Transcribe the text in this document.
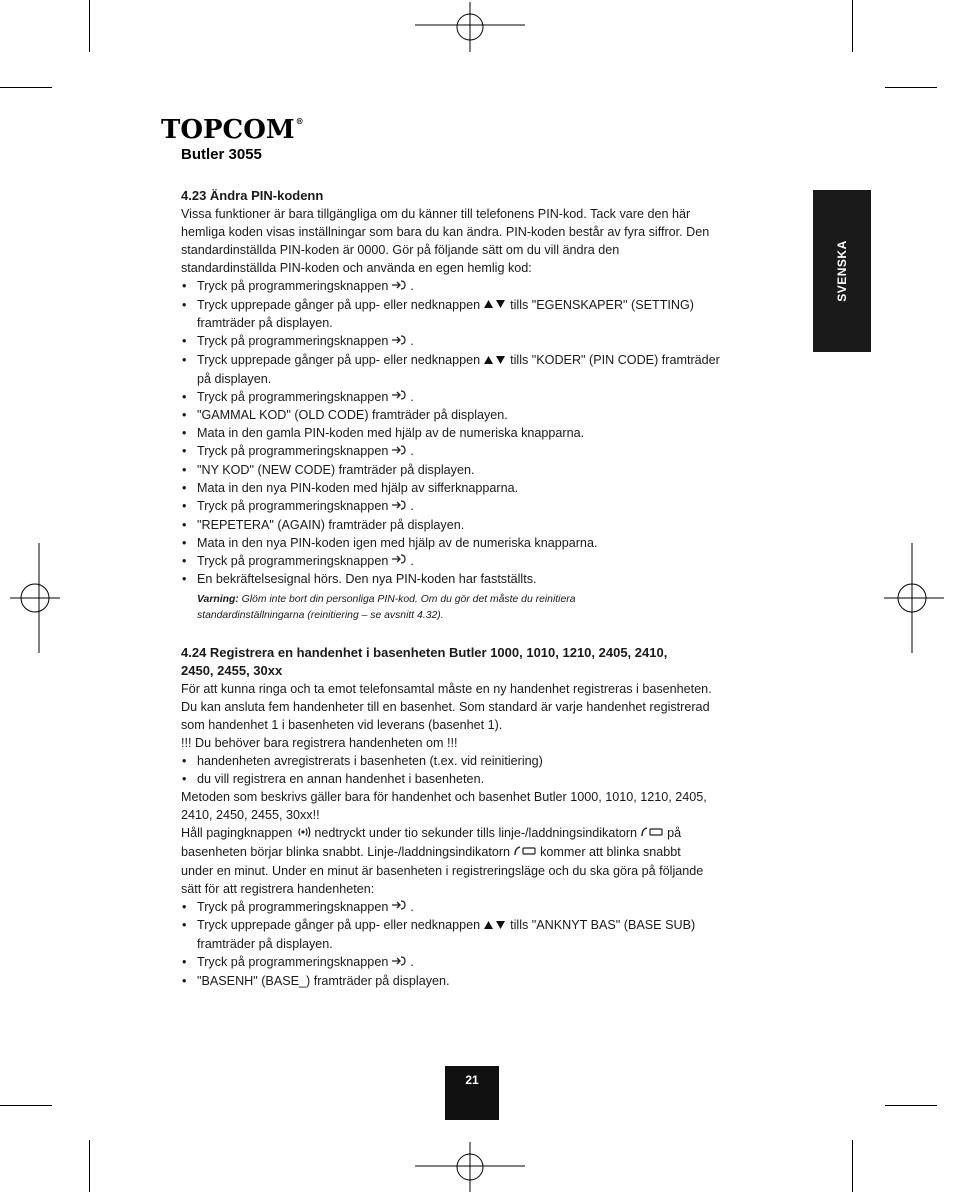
TOPCOM®
Butler 3055
SVENSKA
4.23 Ändra PIN-kodenn

Vissa funktioner är bara tillgängliga om du känner till telefonens PIN-kod. Tack vare den här

hemliga koden visas inställningar som bara du kan ändra. PIN-koden består av fyra siffror. Den

standardinställda PIN-koden är 0000. Gör på följande sätt om du vill ändra den

standardinställda PIN-koden och använda en egen hemlig kod:

• Tryck på programmeringsknappen .
• Tryck upprepade gånger på upp- eller nedknappen tills "EGENSKAPER" (SETTING)
framträder på displayen.
• Tryck på programmeringsknappen .
• Tryck upprepade gånger på upp- eller nedknappen tills "KODER" (PIN CODE) framträder
på displayen.
• Tryck på programmeringsknappen .
• "GAMMAL KOD" (OLD CODE) framträder på displayen.
• Mata in den gamla PIN-koden med hjälp av de numeriska knapparna.
• Tryck på programmeringsknappen .
• "NY KOD" (NEW CODE) framträder på displayen.
• Mata in den nya PIN-koden med hjälp av sifferknapparna.
• Tryck på programmeringsknappen .
• "REPETERA" (AGAIN) framträder på displayen.
• Mata in den nya PIN-koden igen med hjälp av de numeriska knapparna.
• Tryck på programmeringsknappen .
• En bekräftelsesignal hörs. Den nya PIN-koden har fastställts.
Varning: Glöm inte bort din personliga PIN-kod. Om du gör det måste du reinitiera
standardinställningarna (reinitiering – se avsnitt 4.32).
4.24 Registrera en handenhet i basenheten Butler 1000, 1010, 1210, 2405, 2410,
2450, 2455, 30xx

För att kunna ringa och ta emot telefonsamtal måste en ny handenhet registreras i basenheten.

Du kan ansluta fem handenheter till en basenhet. Som standard är varje handenhet registrerad

som handenhet 1 i basenheten vid leverans (basenhet 1).

!!! Du behöver bara registrera handenheten om !!!

• handenheten avregistrerats i basenheten (t.ex. vid reinitiering)
• du vill registrera en annan handenhet i basenheten.

Metoden som beskrivs gäller bara för handenhet och basenhet Butler 1000, 1010, 1210, 2405,

2410, 2450, 2455, 30xx!!

Håll pagingknappen nedtryckt under tio sekunder tills linje-/laddningsindikatorn på

basenheten börjar blinka snabbt. Linje-/laddningsindikatorn kommer att blinka snabbt

under en minut. Under en minut är basenheten i registreringsläge och du ska göra på följande

sätt för att registrera handenheten:

• Tryck på programmeringsknappen .
• Tryck upprepade gånger på upp- eller nedknappen tills "ANKNYT BAS" (BASE SUB)
framträder på displayen.
• Tryck på programmeringsknappen .
• "BASENH" (BASE_) framträder på displayen.
21
